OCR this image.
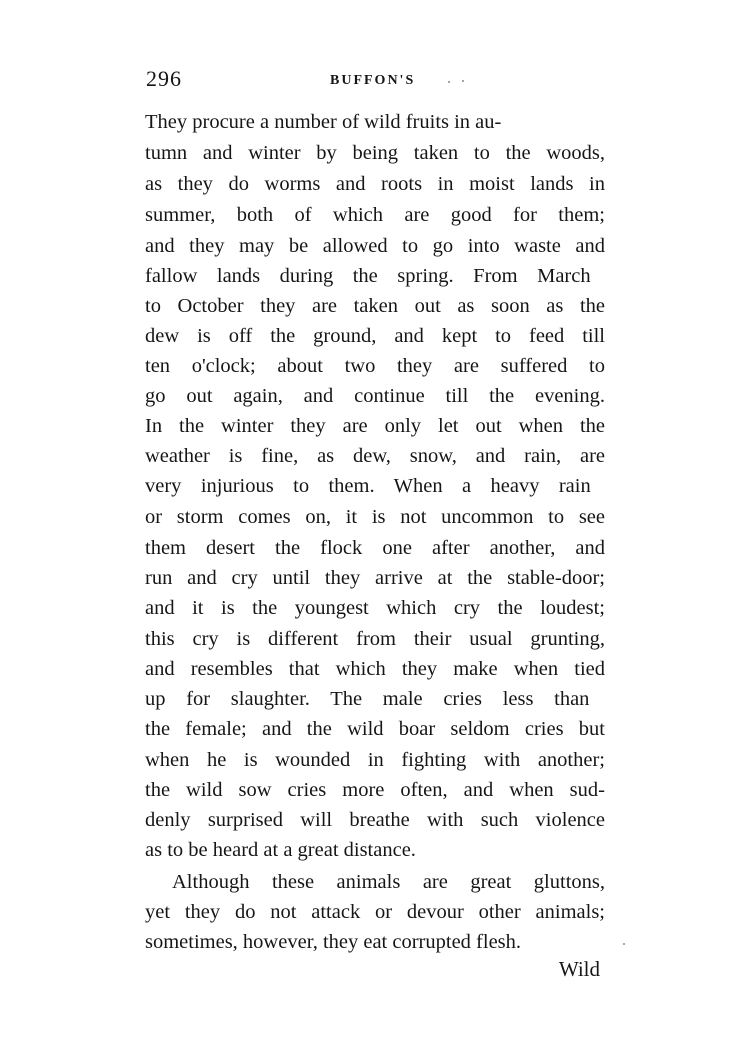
296	BUFFON'S
They procure a number of wild fruits in au-
tumn and winter by being taken to the woods,
as they do worms and roots in moist lands in
summer, both of which are good for them;
and they may be allowed to go into waste and
fallow lands during the spring. From March
to October they are taken out as soon as the
dew is off the ground, and kept to feed till
ten o'clock; about two they are suffered to
go out again, and continue till the evening.
In the winter they are only let out when the
weather is fine, as dew, snow, and rain, are
very injurious to them. When a heavy rain
or storm comes on, it is not uncommon to see
them desert the flock one after another, and
run and cry until they arrive at the stable-door;
and it is the youngest which cry the loudest;
this cry is different from their usual grunting,
and resembles that which they make when tied
up for slaughter. The male cries less than
the female; and the wild boar seldom cries but
when he is wounded in fighting with another;
the wild sow cries more often, and when sud-
denly surprised will breathe with such violence
as to be heard at a great distance.
Although these animals are great gluttons,
yet they do not attack or devour other animals;
sometimes, however, they eat corrupted flesh.
Wild
